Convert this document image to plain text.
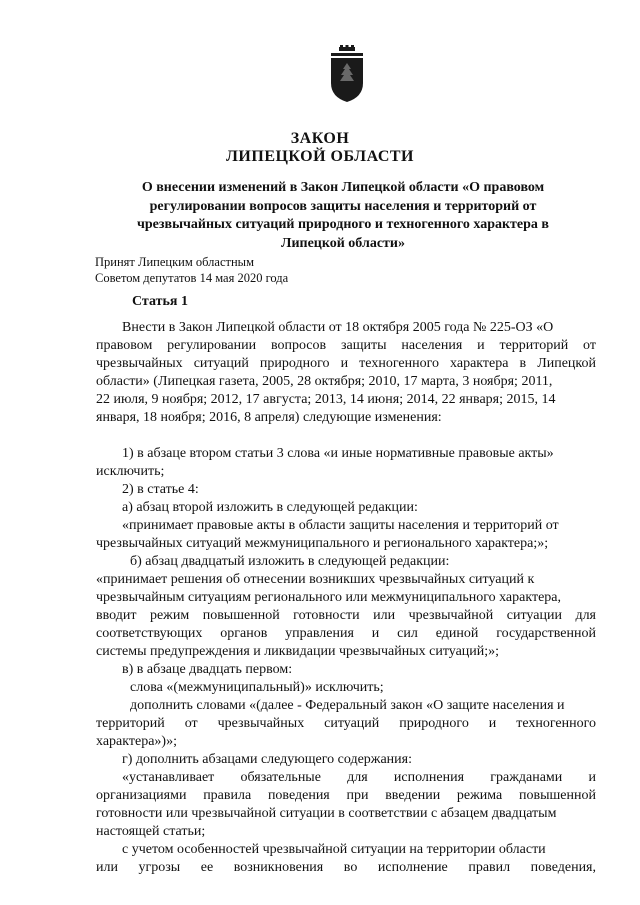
ЗАКОН
ЛИПЕЦКОЙ ОБЛАСТИ
О внесении изменений в Закон Липецкой области «О правовом
регулировании вопросов защиты населения и территорий от
чрезвычайных ситуаций природного и техногенного характера в
Липецкой области»
Принят Липецким областным
Советом депутатов 14 мая 2020 года
Статья 1
Внести в Закон Липецкой области от 18 октября 2005 года № 225-ОЗ «О
правовом регулировании вопросов защиты населения и территорий от
чрезвычайных ситуаций природного и техногенного характера в Липецкой
области» (Липецкая газета, 2005, 28 октября; 2010, 17 марта, 3 ноября; 2011,
22 июля, 9 ноября; 2012, 17 августа; 2013, 14 июня; 2014, 22 января; 2015, 14
января, 18 ноября; 2016, 8 апреля) следующие изменения:
1) в абзаце втором статьи 3 слова «и иные нормативные правовые акты»
исключить;
2) в статье 4:
а) абзац второй изложить в следующей редакции:
«принимает правовые акты в области защиты населения и территорий от
чрезвычайных ситуаций межмуниципального и регионального характера;»;
б) абзац двадцатый изложить в следующей редакции:
«принимает решения об отнесении возникших чрезвычайных ситуаций к
чрезвычайным ситуациям регионального или межмуниципального характера,
вводит режим повышенной готовности или чрезвычайной ситуации для
соответствующих органов управления и сил единой государственной
системы предупреждения и ликвидации чрезвычайных ситуаций;»;
в) в абзаце двадцать первом:
слова «(межмуниципальный)» исключить;
дополнить словами «(далее - Федеральный закон «О защите населения и
территорий от чрезвычайных ситуаций природного и техногенного
характера»)»;
г) дополнить абзацами следующего содержания:
«устанавливает обязательные для исполнения гражданами и
организациями правила поведения при введении режима повышенной
готовности или чрезвычайной ситуации в соответствии с абзацем двадцатым
настоящей статьи;
с учетом особенностей чрезвычайной ситуации на территории области
или угрозы ее возникновения во исполнение правил поведения,
